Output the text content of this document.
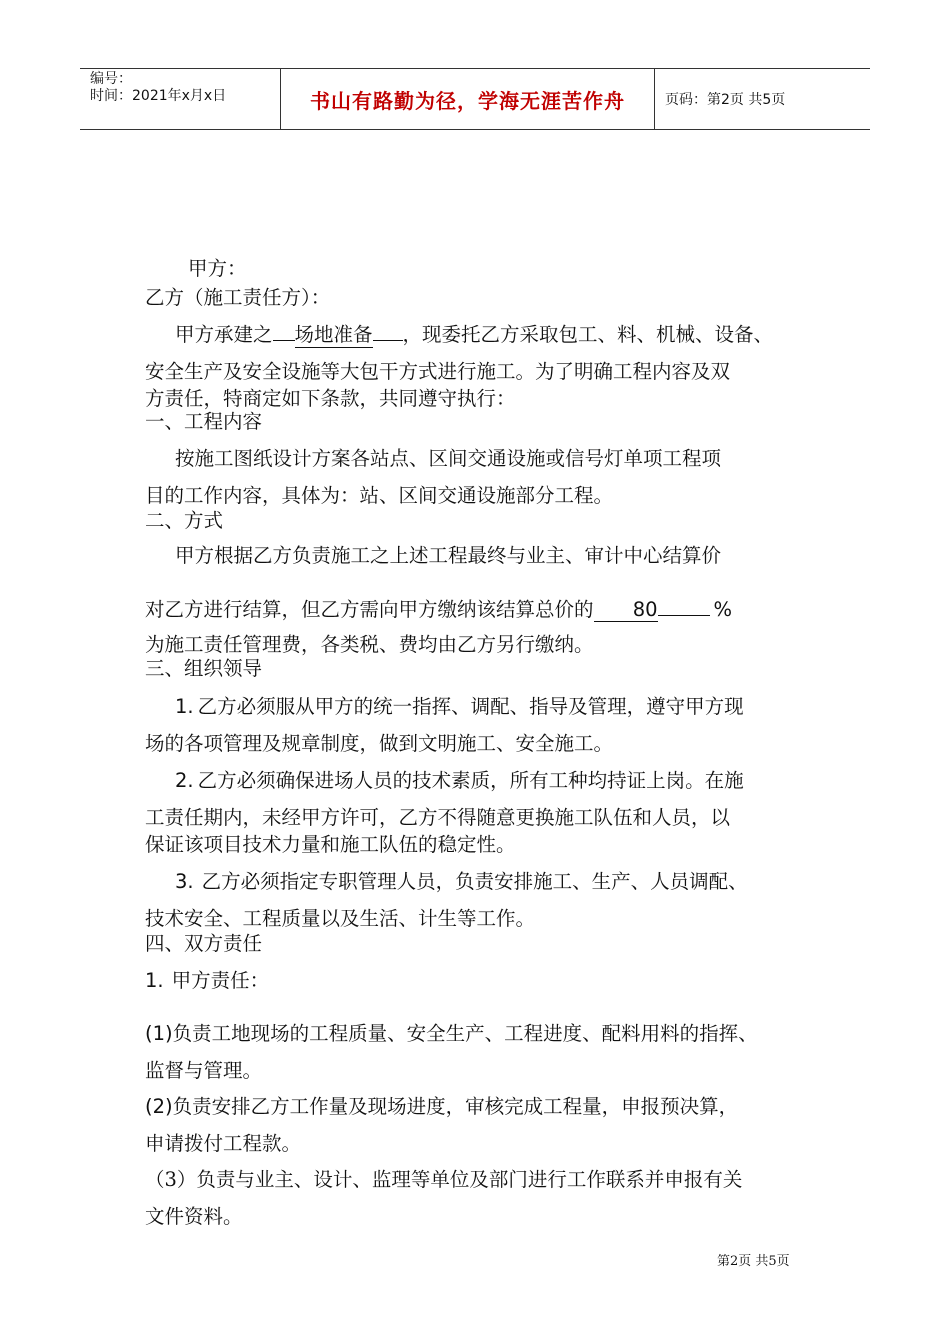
编号：
时间：2021年x月x日	书山有路勤为径，学海无涯苦作舟	页码：第2页 共5页
甲方：
乙方（施工责任方）：
甲方承建之 场地准备 ，现委托乙方采取包工、料、机械、设备、
安全生产及安全设施等大包干方式进行施工。为了明确工程内容及双
方责任，特商定如下条款，共同遵守执行：
一、工程内容
按施工图纸设计方案各站点、区间交通设施或信号灯单项工程项
目的工作内容，具体为：站、区间交通设施部分工程。
二、方式
甲方根据乙方负责施工之上述工程最终与业主、审计中心结算价
对乙方进行结算，但乙方需向甲方缴纳该结算总价的 80	%
为施工责任管理费，各类税、费均由乙方另行缴纳。
三、组织领导
1. 乙方必须服从甲方的统一指挥、调配、指导及管理，遵守甲方现
场的各项管理及规章制度，做到文明施工、安全施工。
2. 乙方必须确保进场人员的技术素质，所有工种均持证上岗。在施
工责任期内，未经甲方许可，乙方不得随意更换施工队伍和人员，以
保证该项目技术力量和施工队伍的稳定性。
3. 乙方必须指定专职管理人员，负责安排施工、生产、人员调配、
技术安全、工程质量以及生活、计生等工作。
四、双方责任
1. 甲方责任：
(1)负责工地现场的工程质量、安全生产、工程进度、配料用料的指挥、
监督与管理。
(2)负责安排乙方工作量及现场进度，审核完成工程量，申报预决算，
申请拨付工程款。
（3）负责与业主、设计、监理等单位及部门进行工作联系并申报有关
文件资料。
第2页 共5页
